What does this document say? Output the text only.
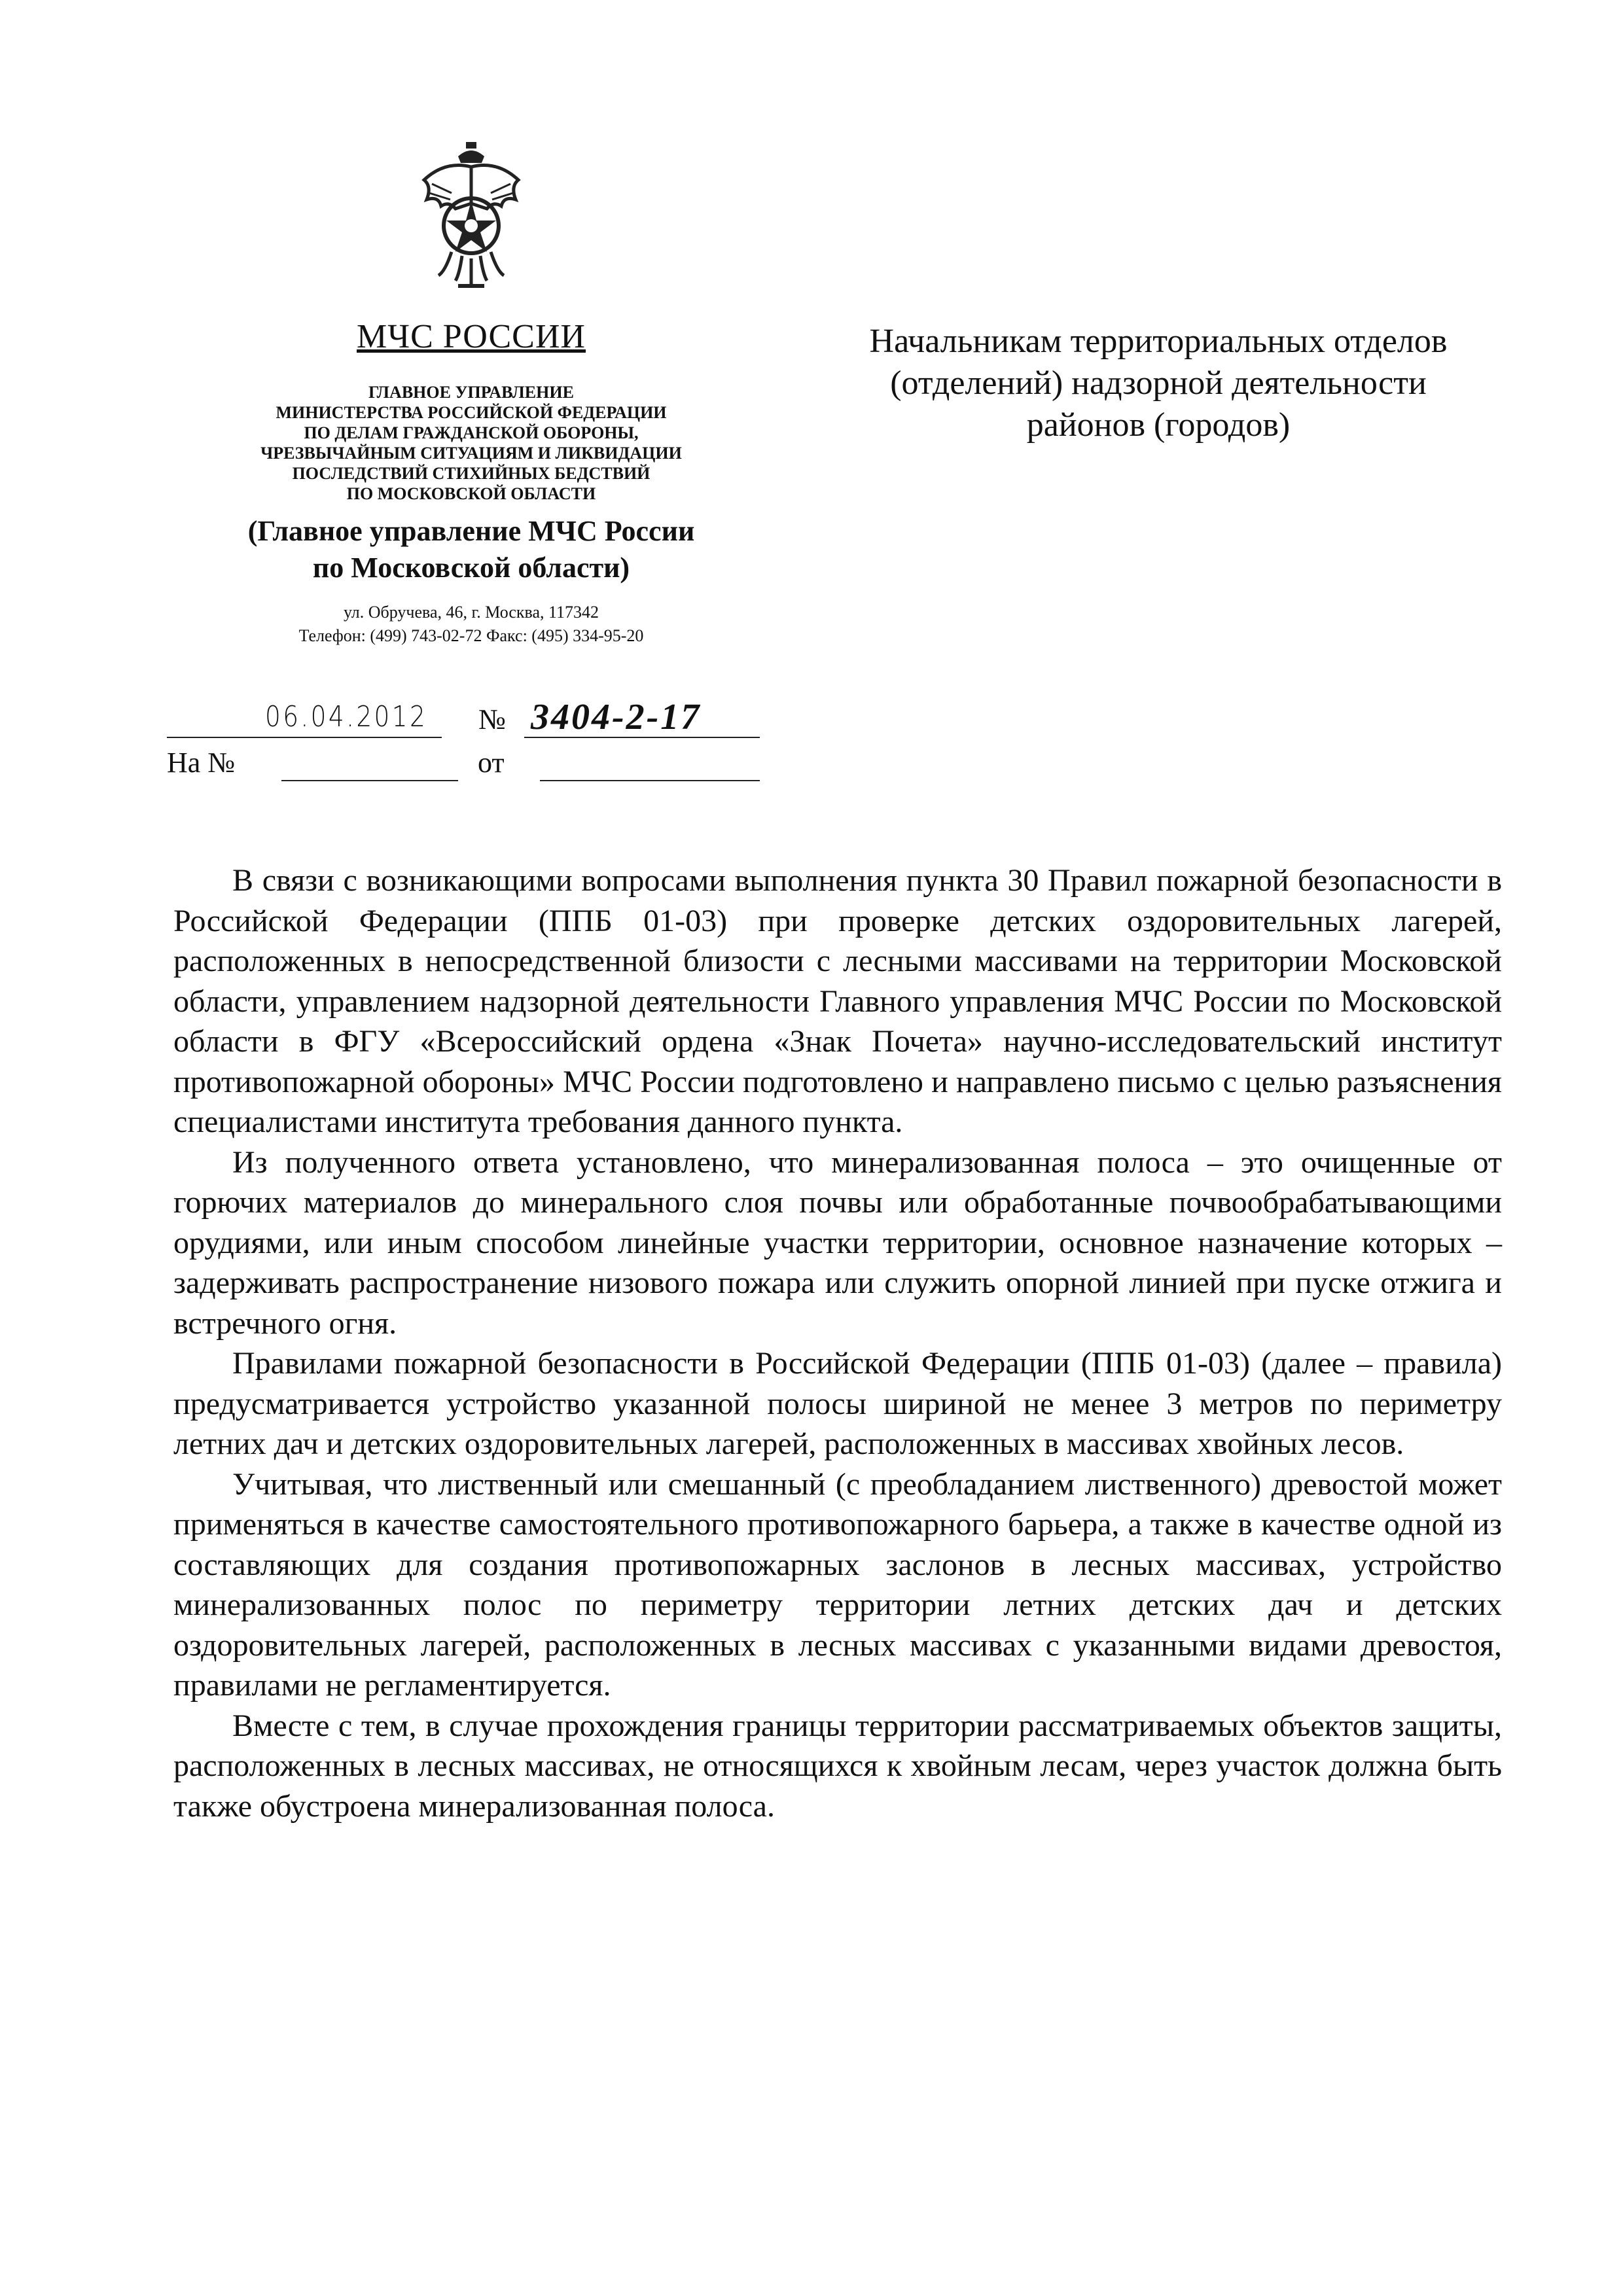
МЧС РОССИИ
ГЛАВНОЕ УПРАВЛЕНИЕ
МИНИСТЕРСТВА РОССИЙСКОЙ ФЕДЕРАЦИИ
ПО ДЕЛАМ ГРАЖДАНСКОЙ ОБОРОНЫ,
ЧРЕЗВЫЧАЙНЫМ СИТУАЦИЯМ И ЛИКВИДАЦИИ
ПОСЛЕДСТВИЙ СТИХИЙНЫХ БЕДСТВИЙ
ПО МОСКОВСКОЙ ОБЛАСТИ
(Главное управление МЧС России
по Московской области)
ул. Обручева, 46, г. Москва, 117342
Телефон: (499) 743-02-72 Факс: (495) 334-95-20
06.04.2012 № 3404-2-17
На №	от
Начальникам территориальных отделов
(отделений) надзорной деятельности
районов (городов)

В связи с возникающими вопросами выполнения пункта 30 Правил пожарной безопасности в Российской Федерации (ППБ 01-03) при проверке детских оздоровительных лагерей, расположенных в непосредственной близости с лесными массивами на территории Московской области, управлением надзорной деятельности Главного управления МЧС России по Московской области в ФГУ «Всероссийский ордена «Знак Почета» научно-исследовательский институт противопожарной обороны» МЧС России подготовлено и направлено письмо с целью разъяснения специалистами института требования данного пункта.

Из полученного ответа установлено, что минерализованная полоса – это очищенные от горючих материалов до минерального слоя почвы или обработанные почвообрабатывающими орудиями, или иным способом линейные участки территории, основное назначение которых – задерживать распространение низового пожара или служить опорной линией при пуске отжига и встречного огня.

Правилами пожарной безопасности в Российской Федерации (ППБ 01-03) (далее – правила) предусматривается устройство указанной полосы шириной не менее 3 метров по периметру летних дач и детских оздоровительных лагерей, расположенных в массивах хвойных лесов.

Учитывая, что лиственный или смешанный (с преобладанием лиственного) древостой может применяться в качестве самостоятельного противопожарного барьера, а также в качестве одной из составляющих для создания противопожарных заслонов в лесных массивах, устройство минерализованных полос по периметру территории летних детских дач и детских оздоровительных лагерей, расположенных в лесных массивах с указанными видами древостоя, правилами не регламентируется.

Вместе с тем, в случае прохождения границы территории рассматриваемых объектов защиты, расположенных в лесных массивах, не относящихся к хвойным лесам, через участок должна быть также обустроена минерализованная полоса.
